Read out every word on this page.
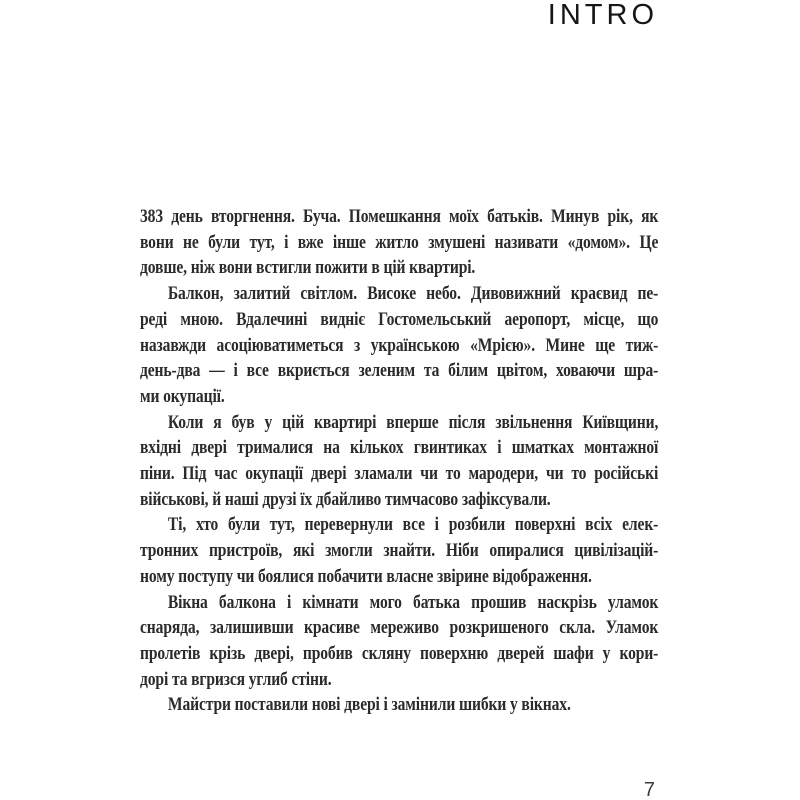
INTRO
383 день вторгнення. Буча. Помешкання моїх батьків. Минув рік, як
вони не були тут, і вже інше житло змушені називати «домом». Це
довше, ніж вони встигли пожити в цій квартирі.
Балкон, залитий світлом. Високе небо. Дивовижний краєвид пе-
реді мною. Вдалечині видніє Гостомельський аеропорт, місце, що
назавжди асоціюватиметься з українською «Мрією». Мине ще тиж-
день-два — і все вкриється зеленим та білим цвітом, ховаючи шра-
ми окупації.
Коли я був у цій квартирі вперше після звільнення Київщини,
вхідні двері трималися на кількох гвинтиках і шматках монтажної
піни. Під час окупації двері зламали чи то мародери, чи то російські
військові, й наші друзі їх дбайливо тимчасово зафіксували.
Ті, хто були тут, перевернули все і розбили поверхні всіх елек-
тронних пристроїв, які змогли знайти. Ніби опиралися цивілізацій-
ному поступу чи боялися побачити власне звірине відображення.
Вікна балкона і кімнати мого батька прошив наскрізь уламок
снаряда, залишивши красиве мереживо розкришеного скла. Уламок
пролетів крізь двері, пробив скляну поверхню дверей шафи у кори-
дорі та вгризся углиб стіни.
Майстри поставили нові двері і замінили шибки у вікнах.
7
